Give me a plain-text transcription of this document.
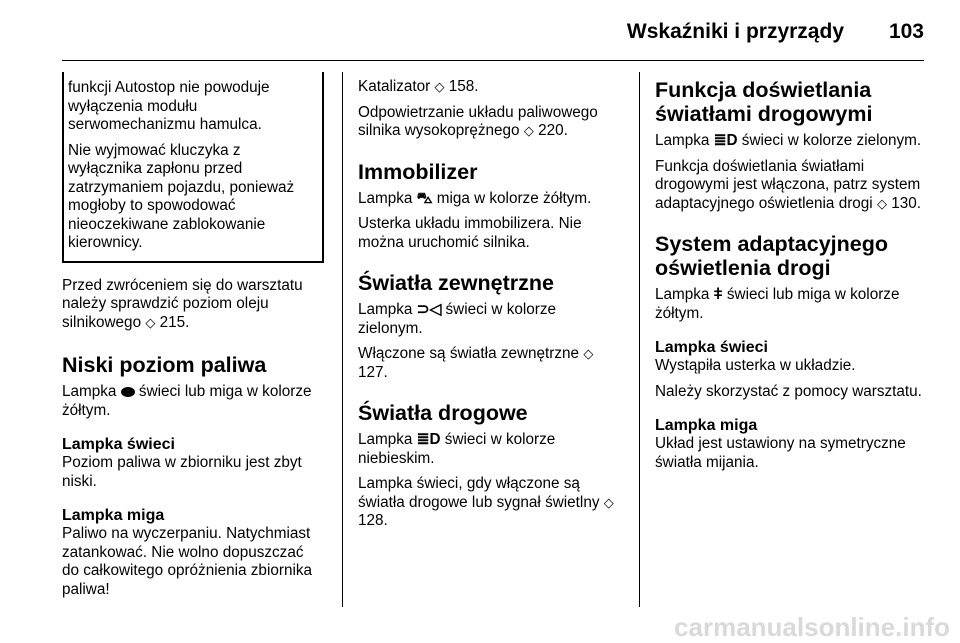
Wskaźniki i przyrządy	103

funkcji Autostop nie powoduje wyłączenia modułu serwomechanizmu hamulca.

Nie wyjmować kluczyka z wyłącznika zapłonu przed zatrzymaniem pojazdu, ponieważ mogłoby to spowodować nieoczekiwane zablokowanie kierownicy.

Przed zwróceniem się do warsztatu należy sprawdzić poziom oleju silnikowego ◇ 215.

Niski poziom paliwa

Lampka świeci lub miga w kolorze żółtym.

Lampka świeci

Poziom paliwa w zbiorniku jest zbyt niski.

Lampka miga

Paliwo na wyczerpaniu. Natychmiast zatankować. Nie wolno dopuszczać do całkowitego opróżnienia zbiornika paliwa!

Katalizator ◇ 158.

Odpowietrzanie układu paliwowego silnika wysokoprężnego ◇ 220.

Immobilizer

Lampka ⛍ miga w kolorze żółtym.

Usterka układu immobilizera. Nie można uruchomić silnika.

Światła zewnętrzne

Lampka ⊃◁ świeci w kolorze zielonym.

Włączone są światła zewnętrzne ◇ 127.

Światła drogowe

Lampka ≣D świeci w kolorze niebieskim.

Lampka świeci, gdy włączone są światła drogowe lub sygnał świetlny ◇ 128.

Funkcja doświetlania światłami drogowymi

Lampka ≣D świeci w kolorze zielonym.

Funkcja doświetlania światłami drogowymi jest włączona, patrz system adaptacyjnego oświetlenia drogi ◇ 130.

System adaptacyjnego oświetlenia drogi

Lampka ǂ świeci lub miga w kolorze żółtym.

Lampka świeci

Wystąpiła usterka w układzie.

Należy skorzystać z pomocy warsztatu.

Lampka miga

Układ jest ustawiony na symetryczne światła mijania.

carmanualsonline.info
